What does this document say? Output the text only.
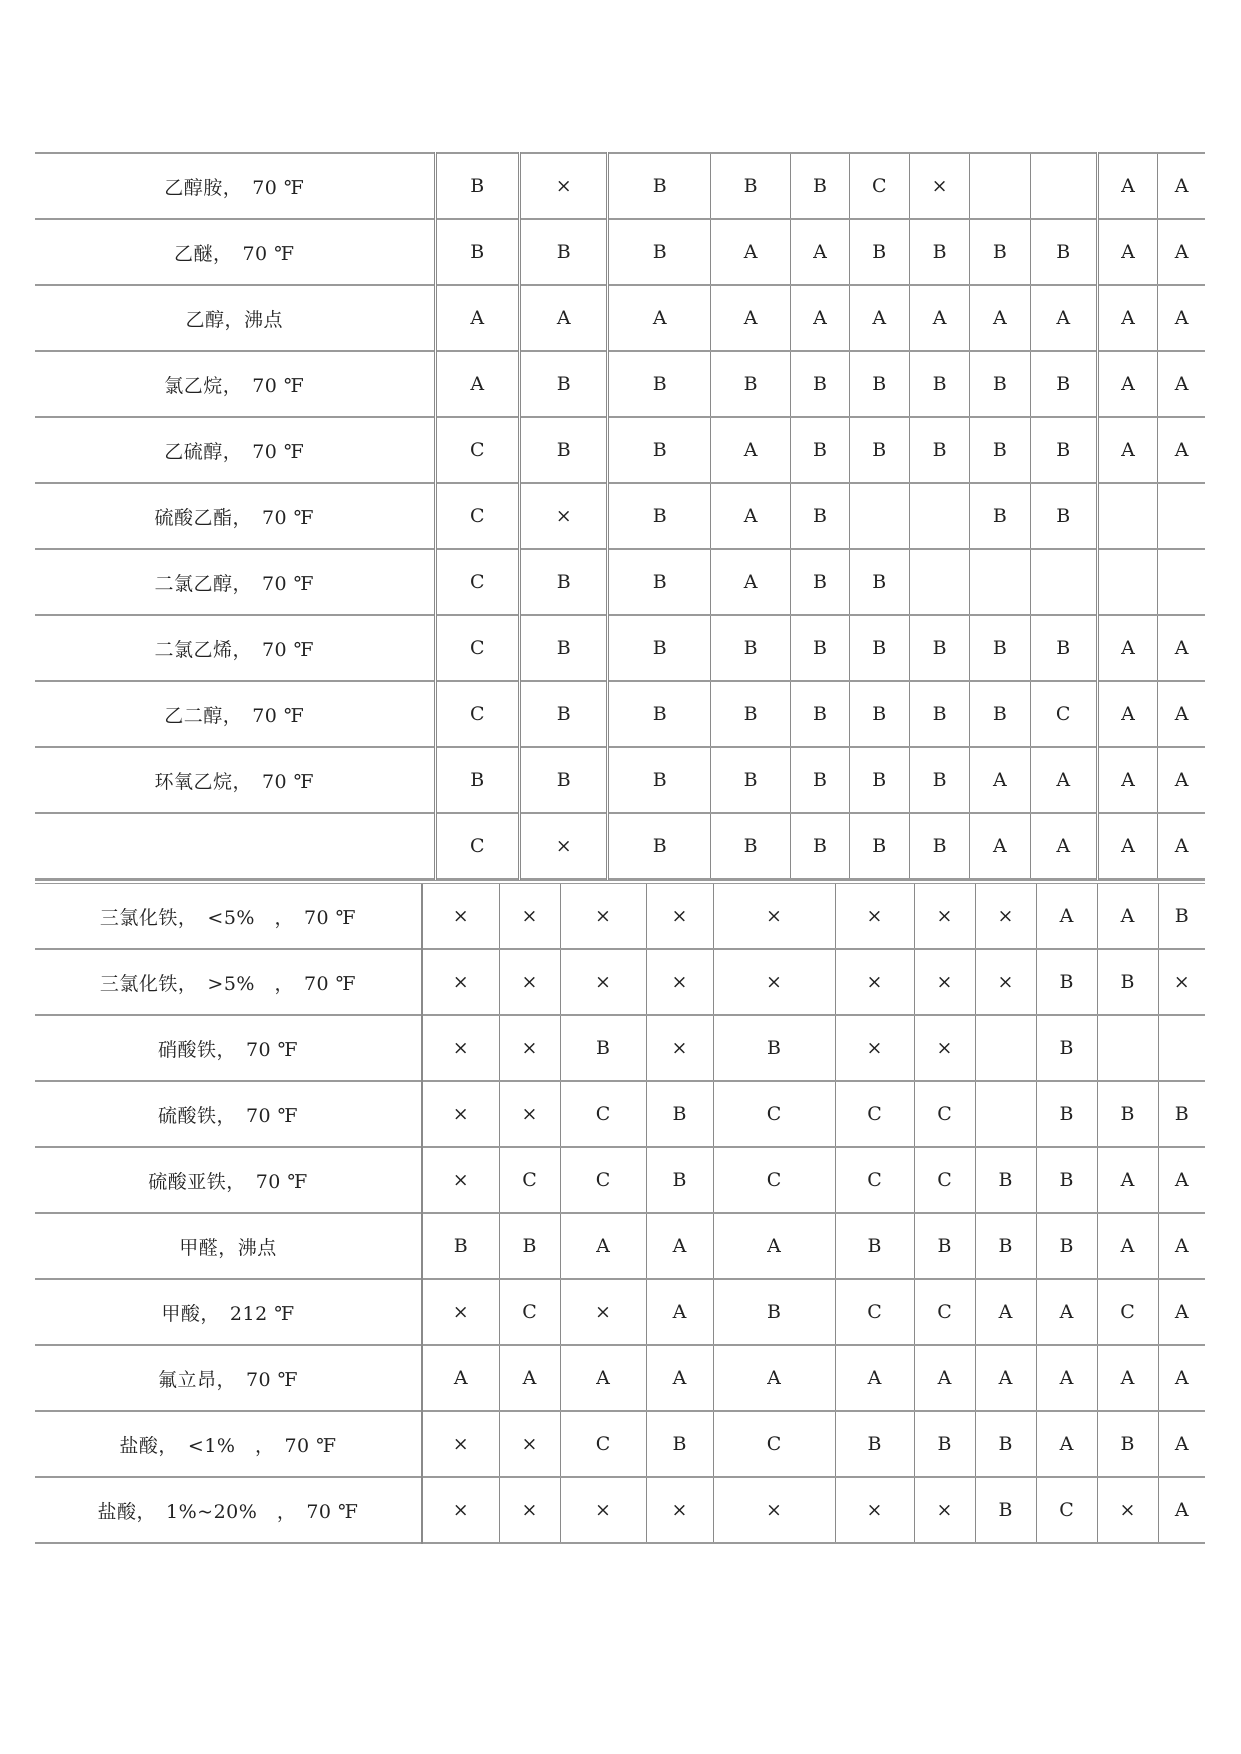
乙醇胺，　70 ℉	B	×	B	B	B	C	×			A	A
乙醚，　70 ℉	B	B	B	A	A	B	B	B	B	A	A
乙醇，沸点	A	A	A	A	A	A	A	A	A	A	A
氯乙烷，　70 ℉	A	B	B	B	B	B	B	B	B	A	A
乙硫醇，　70 ℉	C	B	B	A	B	B	B	B	B	A	A
硫酸乙酯，　70 ℉	C	×	B	A	B			B	B		
二氯乙醇，　70 ℉	C	B	B	A	B	B					
二氯乙烯，　70 ℉	C	B	B	B	B	B	B	B	B	A	A
乙二醇，　70 ℉	C	B	B	B	B	B	B	B	C	A	A
环氧乙烷，　70 ℉	B	B	B	B	B	B	B	A	A	A	A
	C	×	B	B	B	B	B	A	A	A	A
三氯化铁，　<5%　，　70 ℉	×	×	×	×	×	×	×	×	A	A	B
三氯化铁，　>5%　，　70 ℉	×	×	×	×	×	×	×	×	B	B	×
硝酸铁，　70 ℉	×	×	B	×	B	×	×		B		
硫酸铁，　70 ℉	×	×	C	B	C	C	C		B	B	B
硫酸亚铁，　70 ℉	×	C	C	B	C	C	C	B	B	A	A
甲醛，沸点	B	B	A	A	A	B	B	B	B	A	A
甲酸，　212 ℉	×	C	×	A	B	C	C	A	A	C	A
氟立昂，　70 ℉	A	A	A	A	A	A	A	A	A	A	A
盐酸，　<1%　，　70 ℉	×	×	C	B	C	B	B	B	A	B	A
盐酸，　1%~20%　，　70 ℉	×	×	×	×	×	×	×	B	C	×	A
